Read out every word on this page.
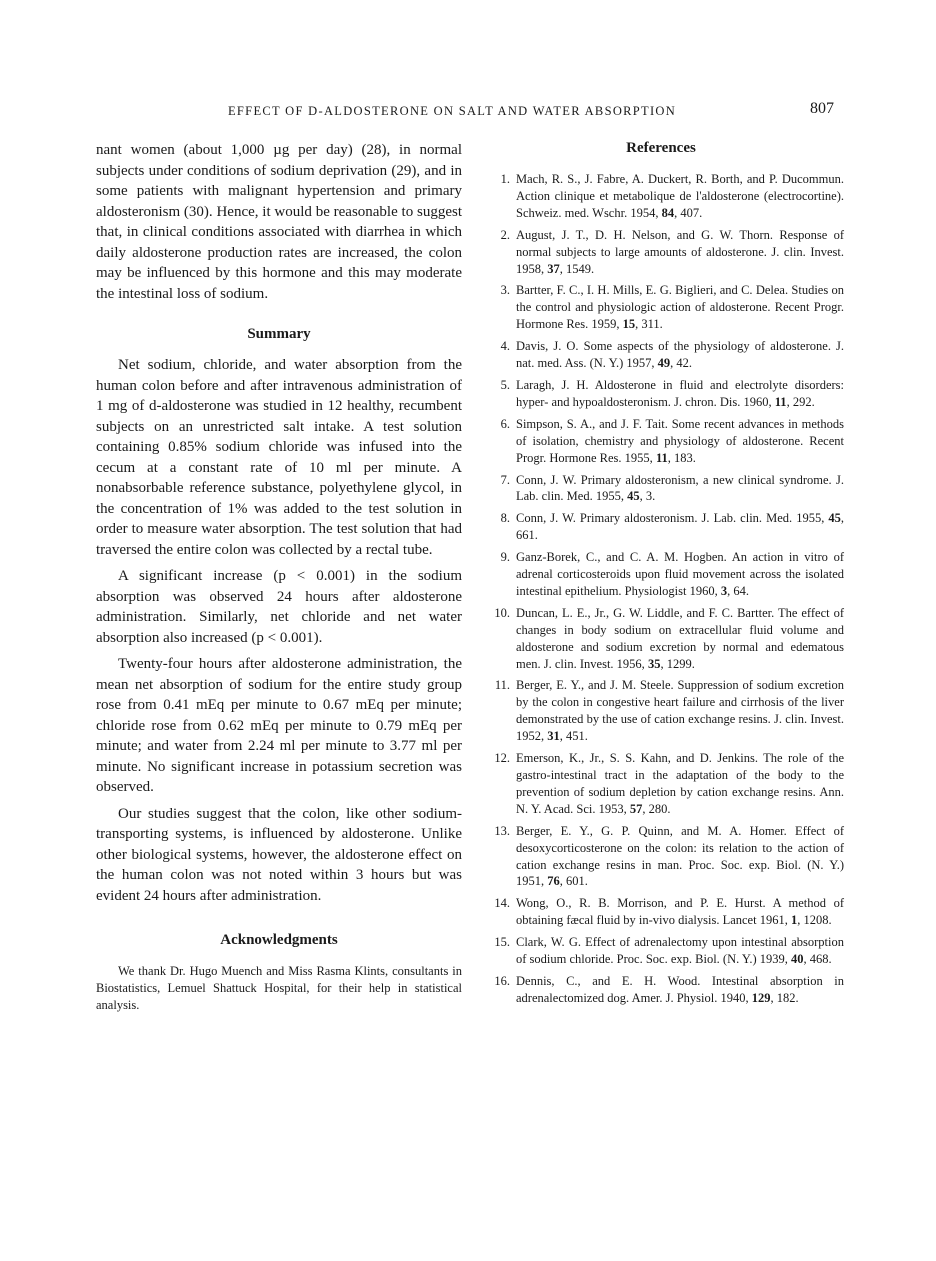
EFFECT OF D-ALDOSTERONE ON SALT AND WATER ABSORPTION	807

nant women (about 1,000 µg per day) (28), in normal subjects under conditions of sodium deprivation (29), and in some patients with malignant hypertension and primary aldosteronism (30). Hence, it would be reasonable to suggest that, in clinical conditions associated with diarrhea in which daily aldosterone production rates are increased, the colon may be influenced by this hormone and this may moderate the intestinal loss of sodium.

Summary

Net sodium, chloride, and water absorption from the human colon before and after intravenous administration of 1 mg of d-aldosterone was studied in 12 healthy, recumbent subjects on an unrestricted salt intake. A test solution containing 0.85% sodium chloride was infused into the cecum at a constant rate of 10 ml per minute. A nonabsorbable reference substance, polyethylene glycol, in the concentration of 1% was added to the test solution in order to measure water absorption. The test solution that had traversed the entire colon was collected by a rectal tube.

A significant increase (p < 0.001) in the sodium absorption was observed 24 hours after aldosterone administration. Similarly, net chloride and net water absorption also increased (p < 0.001).

Twenty-four hours after aldosterone administration, the mean net absorption of sodium for the entire study group rose from 0.41 mEq per minute to 0.67 mEq per minute; chloride rose from 0.62 mEq per minute to 0.79 mEq per minute; and water from 2.24 ml per minute to 3.77 ml per minute. No significant increase in potassium secretion was observed.

Our studies suggest that the colon, like other sodium-transporting systems, is influenced by aldosterone. Unlike other biological systems, however, the aldosterone effect on the human colon was not noted within 3 hours but was evident 24 hours after administration.

Acknowledgments

We thank Dr. Hugo Muench and Miss Rasma Klints, consultants in Biostatistics, Lemuel Shattuck Hospital, for their help in statistical analysis.

References
1. Mach, R. S., J. Fabre, A. Duckert, R. Borth, and P. Ducommun. Action clinique et metabolique de l'aldosterone (electrocortine). Schweiz. med. Wschr. 1954, 84, 407.
2. August, J. T., D. H. Nelson, and G. W. Thorn. Response of normal subjects to large amounts of aldosterone. J. clin. Invest. 1958, 37, 1549.
3. Bartter, F. C., I. H. Mills, E. G. Biglieri, and C. Delea. Studies on the control and physiologic action of aldosterone. Recent Progr. Hormone Res. 1959, 15, 311.
4. Davis, J. O. Some aspects of the physiology of aldosterone. J. nat. med. Ass. (N. Y.) 1957, 49, 42.
5. Laragh, J. H. Aldosterone in fluid and electrolyte disorders: hyper- and hypoaldosteronism. J. chron. Dis. 1960, 11, 292.
6. Simpson, S. A., and J. F. Tait. Some recent advances in methods of isolation, chemistry and physiology of aldosterone. Recent Progr. Hormone Res. 1955, 11, 183.
7. Conn, J. W. Primary aldosteronism, a new clinical syndrome. J. Lab. clin. Med. 1955, 45, 3.
8. Conn, J. W. Primary aldosteronism. J. Lab. clin. Med. 1955, 45, 661.
9. Ganz-Borek, C., and C. A. M. Hogben. An action in vitro of adrenal corticosteroids upon fluid movement across the isolated intestinal epithelium. Physiologist 1960, 3, 64.
10. Duncan, L. E., Jr., G. W. Liddle, and F. C. Bartter. The effect of changes in body sodium on extracellular fluid volume and aldosterone and sodium excretion by normal and edematous men. J. clin. Invest. 1956, 35, 1299.
11. Berger, E. Y., and J. M. Steele. Suppression of sodium excretion by the colon in congestive heart failure and cirrhosis of the liver demonstrated by the use of cation exchange resins. J. clin. Invest. 1952, 31, 451.
12. Emerson, K., Jr., S. S. Kahn, and D. Jenkins. The role of the gastro-intestinal tract in the adaptation of the body to the prevention of sodium depletion by cation exchange resins. Ann. N. Y. Acad. Sci. 1953, 57, 280.
13. Berger, E. Y., G. P. Quinn, and M. A. Homer. Effect of desoxycorticosterone on the colon: its relation to the action of cation exchange resins in man. Proc. Soc. exp. Biol. (N. Y.) 1951, 76, 601.
14. Wong, O., R. B. Morrison, and P. E. Hurst. A method of obtaining fæcal fluid by in-vivo dialysis. Lancet 1961, 1, 1208.
15. Clark, W. G. Effect of adrenalectomy upon intestinal absorption of sodium chloride. Proc. Soc. exp. Biol. (N. Y.) 1939, 40, 468.
16. Dennis, C., and E. H. Wood. Intestinal absorption in adrenalectomized dog. Amer. J. Physiol. 1940, 129, 182.
